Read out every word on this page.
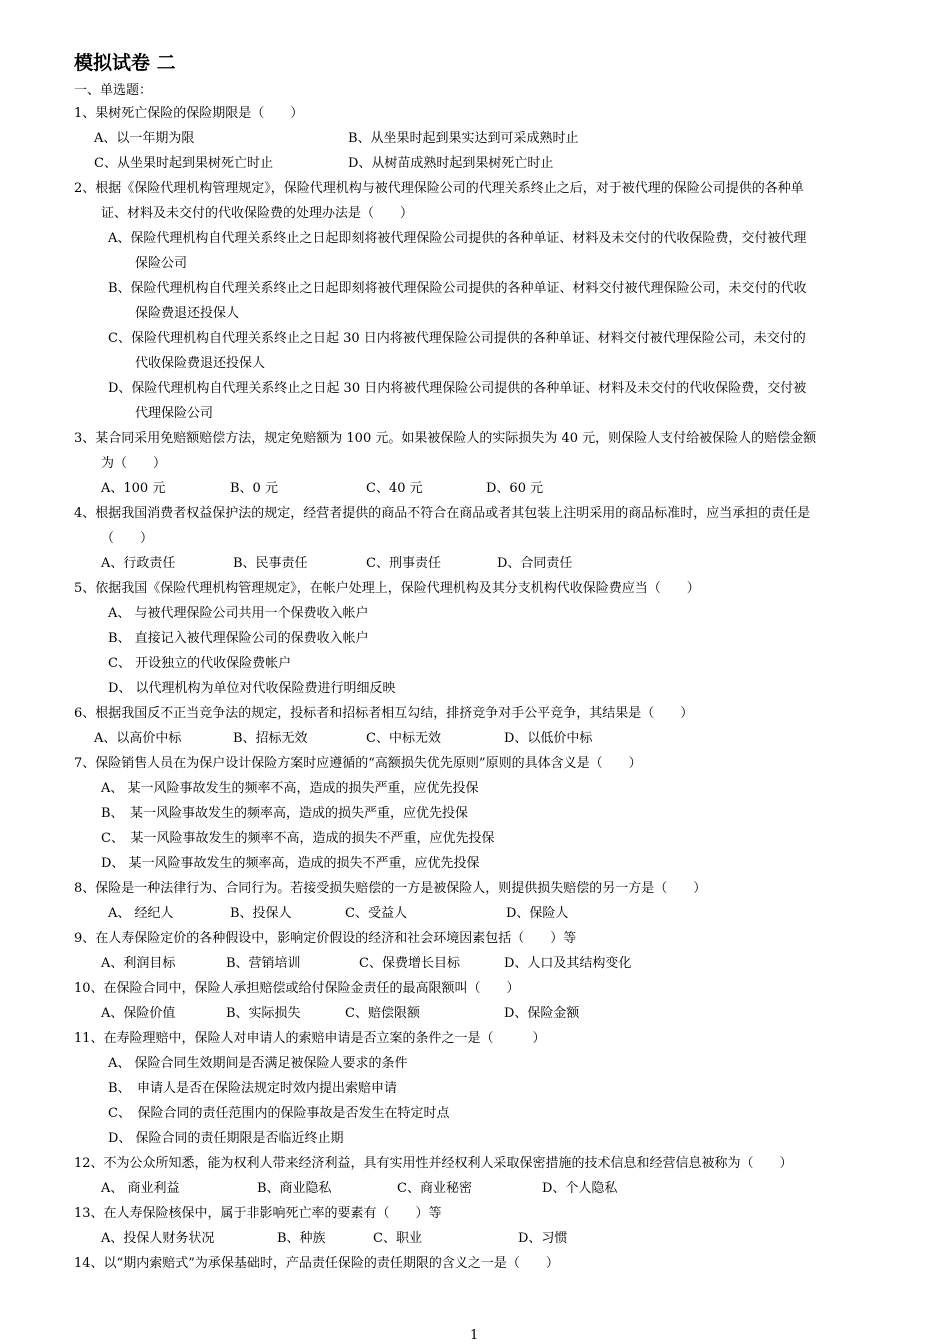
模拟试卷 二
一、单选题：
1、果树死亡保险的保险期限是（　　）
A、以一年期为限	B、从坐果时起到果实达到可采成熟时止
C、从坐果时起到果树死亡时止	D、从树苗成熟时起到果树死亡时止
2、根据《保险代理机构管理规定》，保险代理机构与被代理保险公司的代理关系终止之后，对于被代理的保险公司提供的各种单
证、材料及未交付的代收保险费的处理办法是（　　）
A、保险代理机构自代理关系终止之日起即刻将被代理保险公司提供的各种单证、材料及未交付的代收保险费，交付被代理
保险公司
B、保险代理机构自代理关系终止之日起即刻将被代理保险公司提供的各种单证、材料交付被代理保险公司，未交付的代收
保险费退还投保人
C、保险代理机构自代理关系终止之日起 30 日内将被代理保险公司提供的各种单证、材料交付被代理保险公司，未交付的
代收保险费退还投保人
D、保险代理机构自代理关系终止之日起 30 日内将被代理保险公司提供的各种单证、材料及未交付的代收保险费，交付被
代理保险公司
3、某合同采用免赔额赔偿方法，规定免赔额为 100 元。如果被保险人的实际损失为 40 元，则保险人支付给被保险人的赔偿金额
为（　　）
A、100 元	B、0 元	C、40 元	D、60 元
4、根据我国消费者权益保护法的规定，经营者提供的商品不符合在商品或者其包装上注明采用的商品标准时，应当承担的责任是
（　　）
A、行政责任	B、民事责任	C、刑事责任	D、合同责任
5、依据我国《保险代理机构管理规定》，在帐户处理上，保险代理机构及其分支机构代收保险费应当（　　）
A、 与被代理保险公司共用一个保费收入帐户
B、 直接记入被代理保险公司的保费收入帐户
C、 开设独立的代收保险费帐户
D、 以代理机构为单位对代收保险费进行明细反映
6、根据我国反不正当竞争法的规定，投标者和招标者相互勾结，排挤竞争对手公平竞争，其结果是（　　）
A、以高价中标	B、招标无效	C、中标无效	D、以低价中标
7、保险销售人员在为保户设计保险方案时应遵循的“高额损失优先原则”原则的具体含义是（　　）
A、 某一风险事故发生的频率不高，造成的损失严重，应优先投保
B、　某一风险事故发生的频率高，造成的损失严重，应优先投保
C、　某一风险事故发生的频率不高，造成的损失不严重，应优先投保
D、 某一风险事故发生的频率高，造成的损失不严重，应优先投保
8、保险是一种法律行为、合同行为。若接受损失赔偿的一方是被保险人，则提供损失赔偿的另一方是（　　）
A、 经纪人	B、投保人	C、受益人	D、保险人
9、在人寿保险定价的各种假设中，影响定价假设的经济和社会环境因素包括（　　）等
A、利润目标	B、营销培训	C、保费增长目标	D、人口及其结构变化
10、在保险合同中，保险人承担赔偿或给付保险金责任的最高限额叫（　　）
A、保险价值	B、实际损失	C、赔偿限额	D、保险金额
11、在寿险理赔中，保险人对申请人的索赔申请是否立案的条件之一是（　　　）
A、 保险合同生效期间是否满足被保险人要求的条件
B、　申请人是否在保险法规定时效内提出索赔申请
C、　保险合同的责任范围内的保险事故是否发生在特定时点
D、 保险合同的责任期限是否临近终止期
12、不为公众所知悉，能为权利人带来经济利益，具有实用性并经权利人采取保密措施的技术信息和经营信息被称为（　　）
A、 商业利益	B、商业隐私	C、商业秘密	D、个人隐私
13、在人寿保险核保中，属于非影响死亡率的要素有（　　）等
A、投保人财务状况	B、种族	C、职业	D、习惯
14、以“期内索赔式”为承保基础时，产品责任保险的责任期限的含义之一是（　　）
1
